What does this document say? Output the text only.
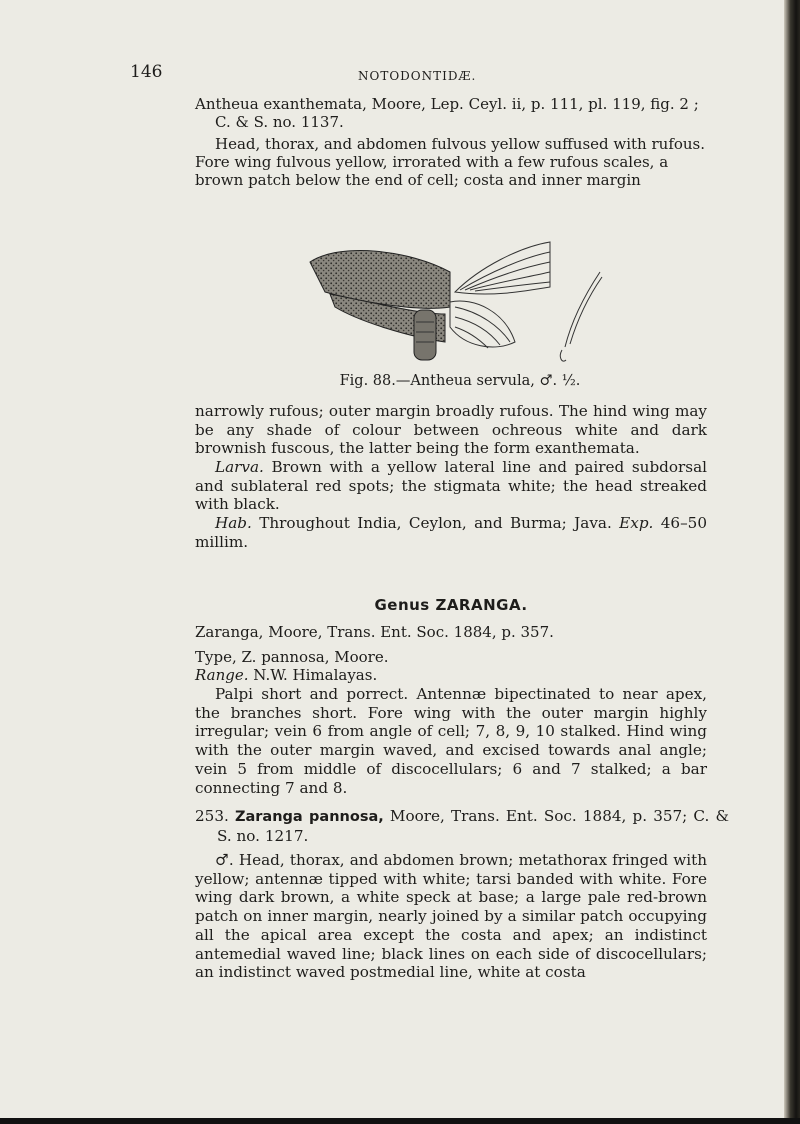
146	NOTODONTIDÆ.
Antheua exanthemata, Moore, Lep. Ceyl. ii, p. 111, pl. 119, fig. 2 ;
C. & S. no. 1137.
Head, thorax, and abdomen fulvous yellow suffused with rufous.
Fore wing fulvous yellow, irrorated with a few rufous scales, a
brown patch below the end of cell; costa and inner margin
Fig. 88.—Antheua servula, ♂. ½.
narrowly rufous; outer margin broadly rufous. The hind wing may be any shade of colour between ochreous white and dark brownish fuscous, the latter being the form exanthemata.
Larva. Brown with a yellow lateral line and paired subdorsal and sublateral red spots; the stigmata white; the head streaked with black.
Hab. Throughout India, Ceylon, and Burma; Java. Exp. 46–50 millim.
Genus ZARANGA.
Zaranga, Moore, Trans. Ent. Soc. 1884, p. 357.
Type, Z. pannosa, Moore.
Range. N.W. Himalayas.
Palpi short and porrect. Antennæ bipectinated to near apex, the branches short. Fore wing with the outer margin highly irregular; vein 6 from angle of cell; 7, 8, 9, 10 stalked. Hind wing with the outer margin waved, and excised towards anal angle; vein 5 from middle of discocellulars; 6 and 7 stalked; a bar connecting 7 and 8.
253. Zaranga pannosa, Moore, Trans. Ent. Soc. 1884, p. 357; C. & S. no. 1217.
♂. Head, thorax, and abdomen brown; metathorax fringed with yellow; antennæ tipped with white; tarsi banded with white. Fore wing dark brown, a white speck at base; a large pale red-brown patch on inner margin, nearly joined by a similar patch occupying all the apical area except the costa and apex; an indistinct antemedial waved line; black lines on each side of discocellulars; an indistinct waved postmedial line, white at costa
